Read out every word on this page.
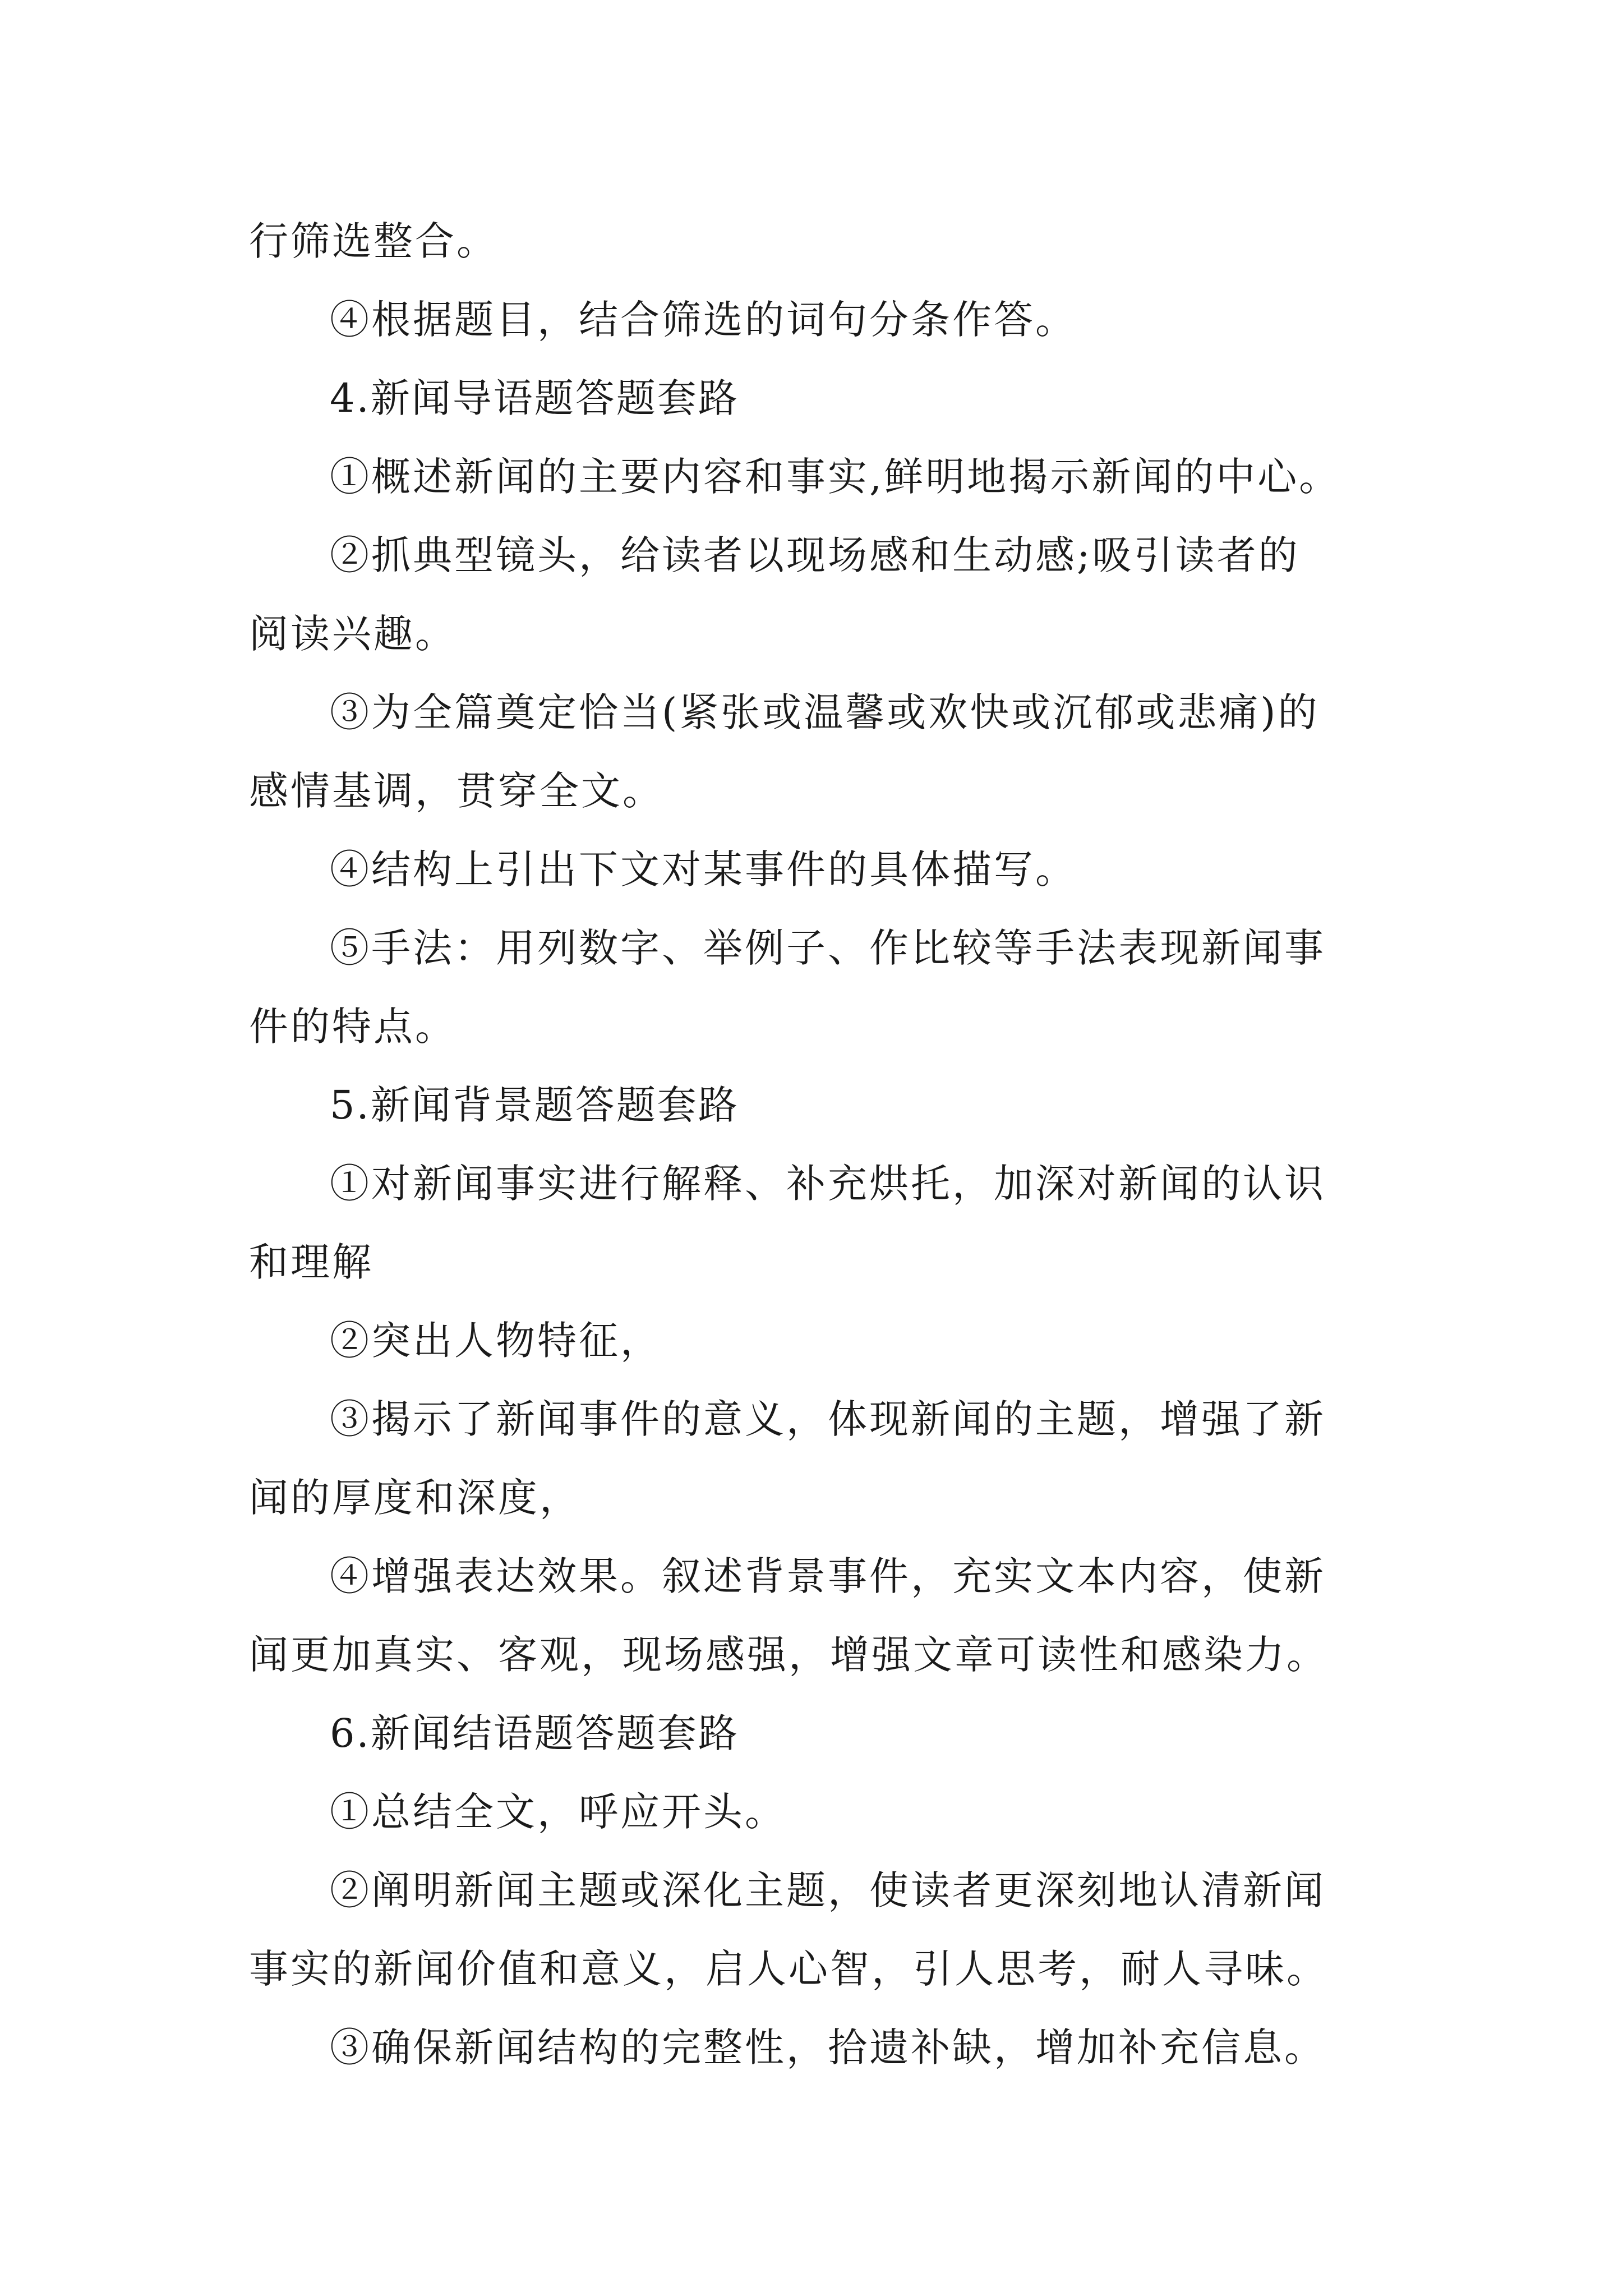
行筛选整合。

④根据题目，结合筛选的词句分条作答。

4.新闻导语题答题套路

①概述新闻的主要内容和事实,鲜明地揭示新闻的中心。

②抓典型镜头，给读者以现场感和生动感;吸引读者的

阅读兴趣。

③为全篇奠定恰当(紧张或温馨或欢快或沉郁或悲痛)的

感情基调，贯穿全文。

④结构上引出下文对某事件的具体描写。

⑤手法：用列数字、举例子、作比较等手法表现新闻事

件的特点。

5.新闻背景题答题套路

①对新闻事实进行解释、补充烘托，加深对新闻的认识

和理解

②突出人物特征，

③揭示了新闻事件的意义，体现新闻的主题，增强了新

闻的厚度和深度，

④增强表达效果。叙述背景事件，充实文本内容，使新

闻更加真实、客观，现场感强，增强文章可读性和感染力。

6.新闻结语题答题套路

①总结全文，呼应开头。

②阐明新闻主题或深化主题，使读者更深刻地认清新闻

事实的新闻价值和意义，启人心智，引人思考，耐人寻味。

③确保新闻结构的完整性，拾遗补缺，增加补充信息。
